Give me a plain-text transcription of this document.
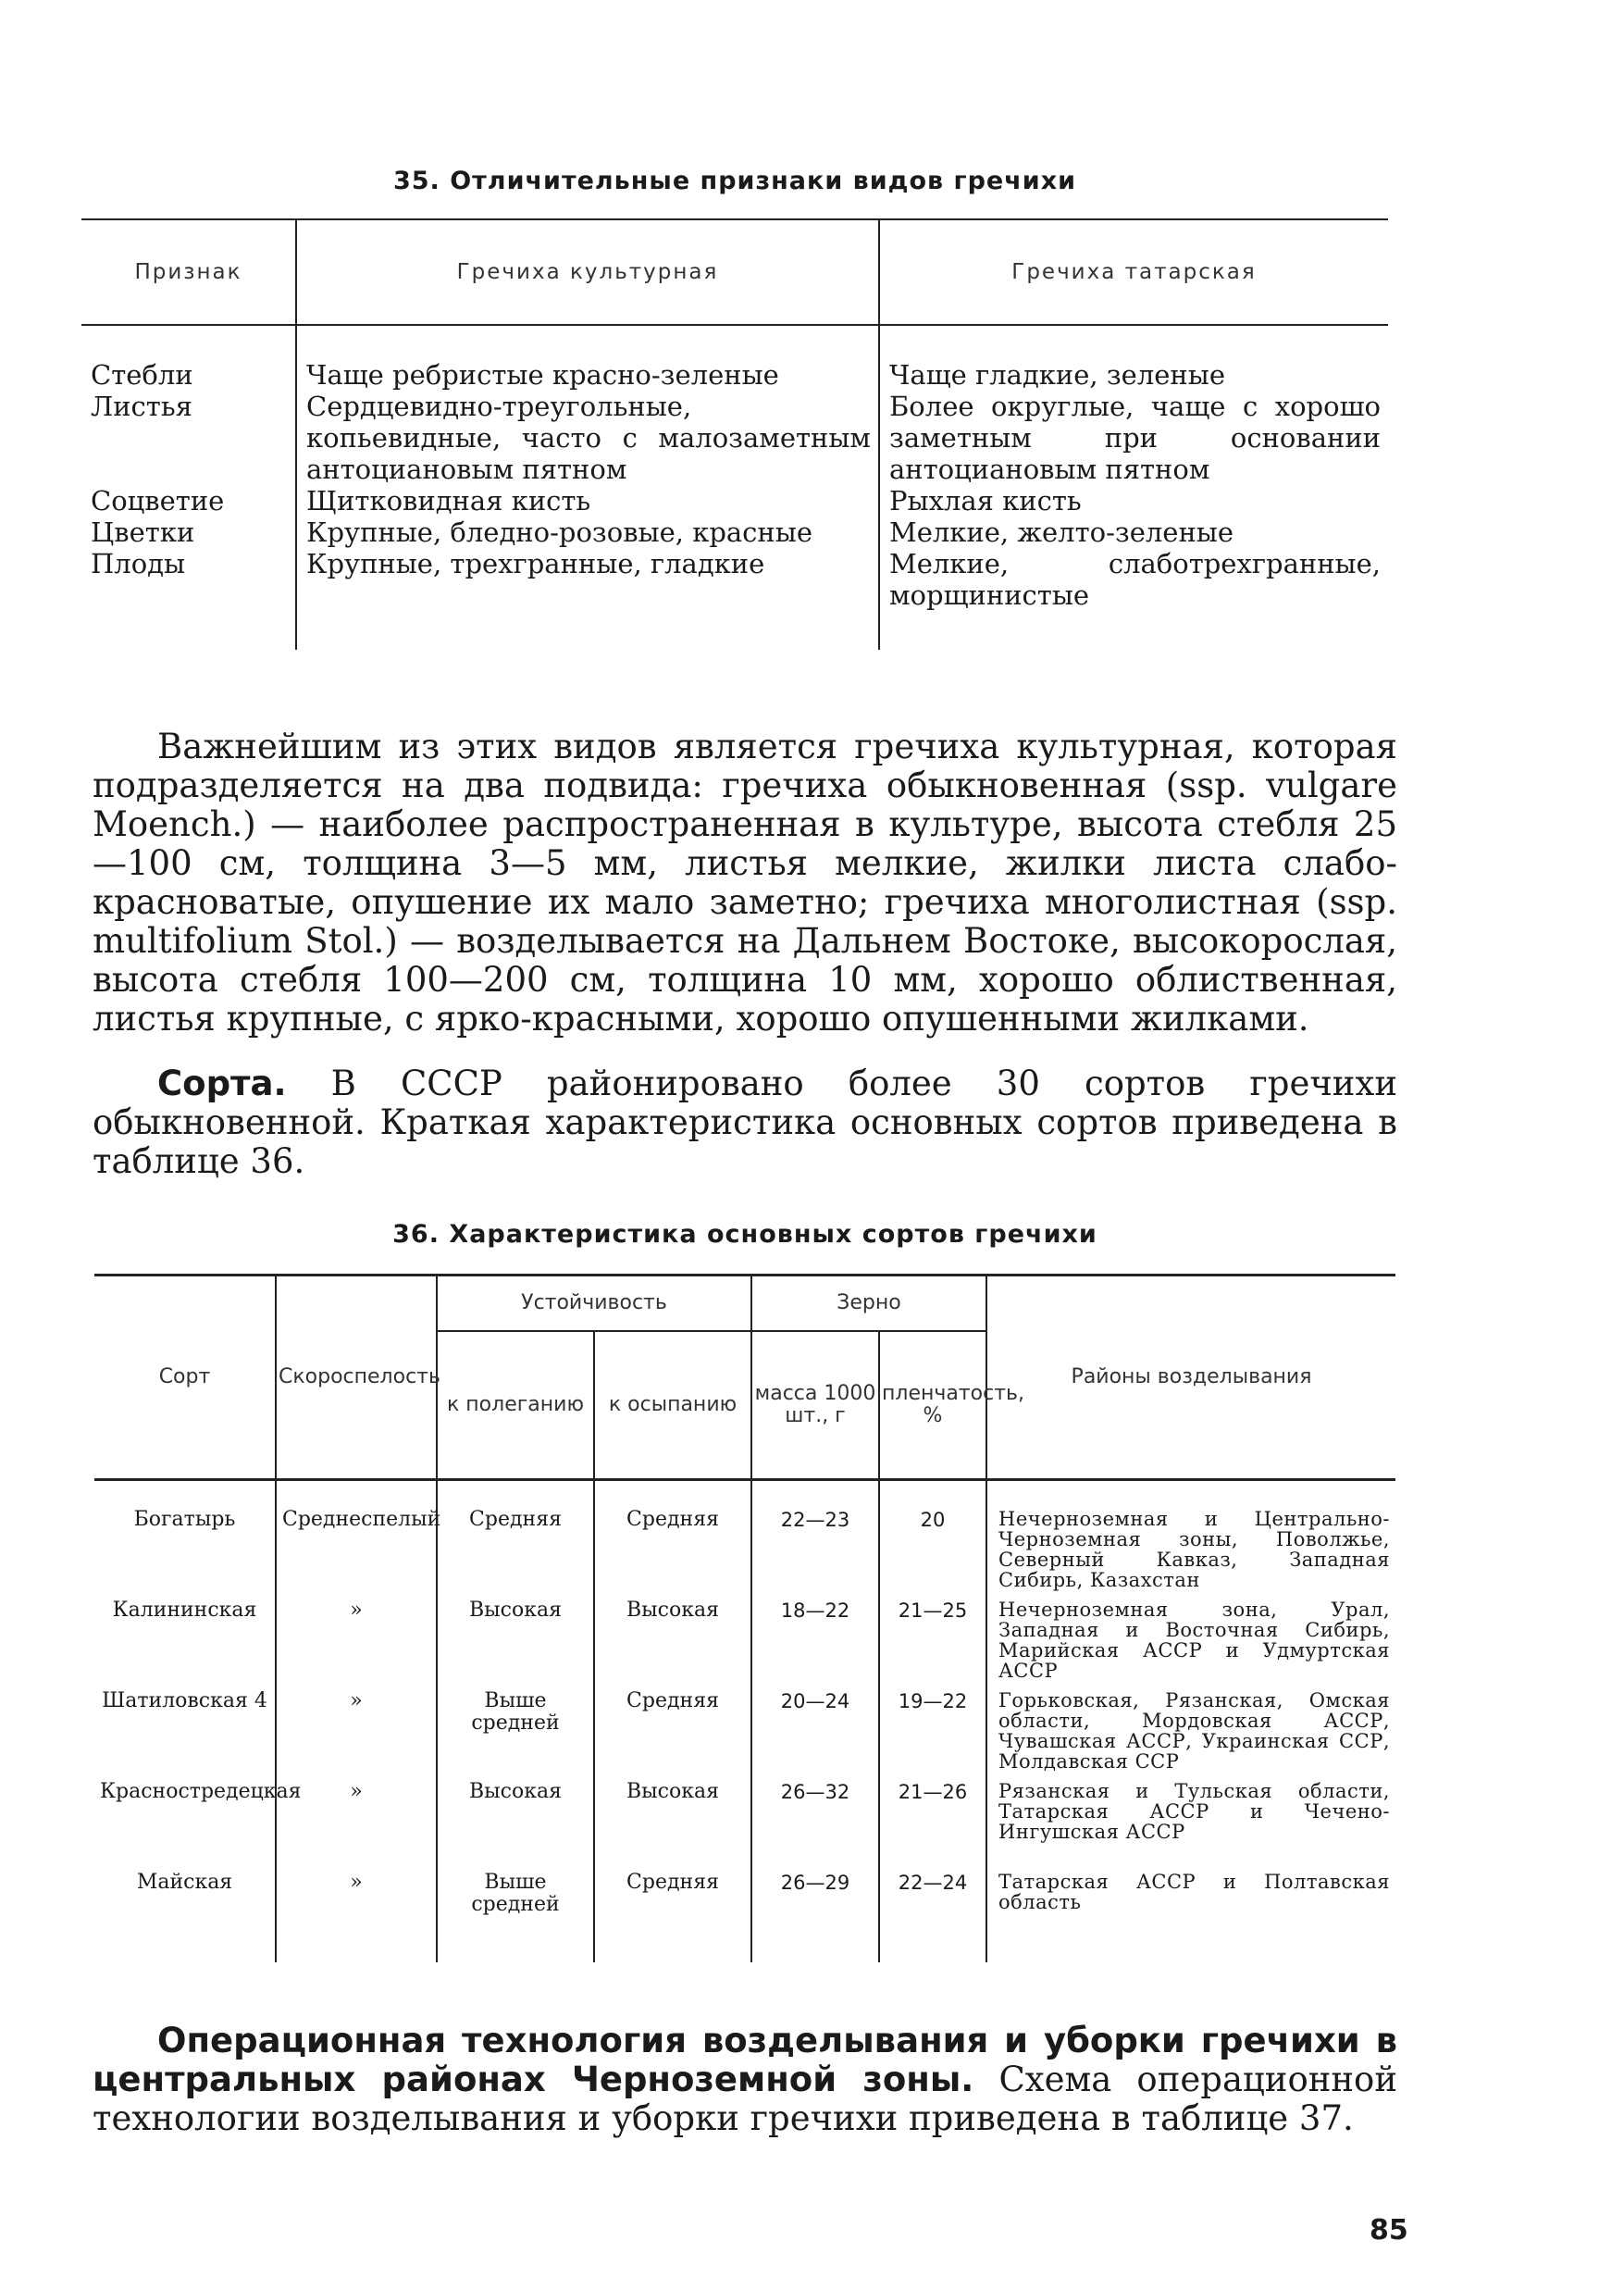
35. Отличительные признаки видов гречихи
Признак	Гречиха культурная	Гречиха татарская
Стебли	Чаще ребристые красно-зеленые	Чаще гладкие, зеленые
Листья	Сердцевидно-треугольные, копьевидные, часто с малозаметным антоциановым пятном	Более округлые, чаще с хорошо заметным при основании антоциановым пятном
Соцветие	Щитковидная кисть	Рыхлая кисть
Цветки	Крупные, бледно-розовые, красные	Мелкие, желто-зеленые
Плоды	Крупные, трехгранные, гладкие	Мелкие, слаботрехгранные, морщинистые

Важнейшим из этих видов является гречиха культурная, которая подразделяется на два подвида: гречиха обыкновенная (ssp. vulgare Moench.) — наиболее распространенная в культуре, высота стебля 25—100 см, толщина 3—5 мм, листья мелкие, жилки листа слабо-красноватые, опушение их мало заметно; гречиха многолистная (ssp. multifolium Stol.) — возделывается на Дальнем Востоке, высокорослая, высота стебля 100—200 см, толщина 10 мм, хорошо облиственная, листья крупные, с ярко-красными, хорошо опушенными жилками.

Сорта. В СССР районировано более 30 сортов гречихи обыкновенной. Краткая характеристика основных сортов приведена в таблице 36.

36. Характеристика основных сортов гречихи
Сорт	Скороспелость	Устойчивость		Зерно		Районы возделывания
		к полеганию	к осыпанию	масса 1000 шт., г	пленчатость, %	
Богатырь	Среднеспелый	Средняя	Средняя	22—23	20	Нечерноземная и Центрально-Черноземная зоны, Поволжье, Северный Кавказ, Западная Сибирь, Казахстан
Калининская	»	Высокая	Высокая	18—22	21—25	Нечерноземная зона, Урал, Западная и Восточная Сибирь, Марийская АССР и Удмуртская АССР
Шатиловская 4	»	Выше средней	Средняя	20—24	19—22	Горьковская, Рязанская, Омская области, Мордовская АССР, Чувашская АССР, Украинская ССР, Молдавская ССР
Красностредецкая	»	Высокая	Высокая	26—32	21—26	Рязанская и Тульская области, Татарская АССР и Чечено-Ингушская АССР
Майская	»	Выше средней	Средняя	26—29	22—24	Татарская АССР и Полтавская область

Операционная технология возделывания и уборки гречихи в центральных районах Черноземной зоны. Схема операционной технологии возделывания и уборки гречихи приведена в таблице 37.

85
